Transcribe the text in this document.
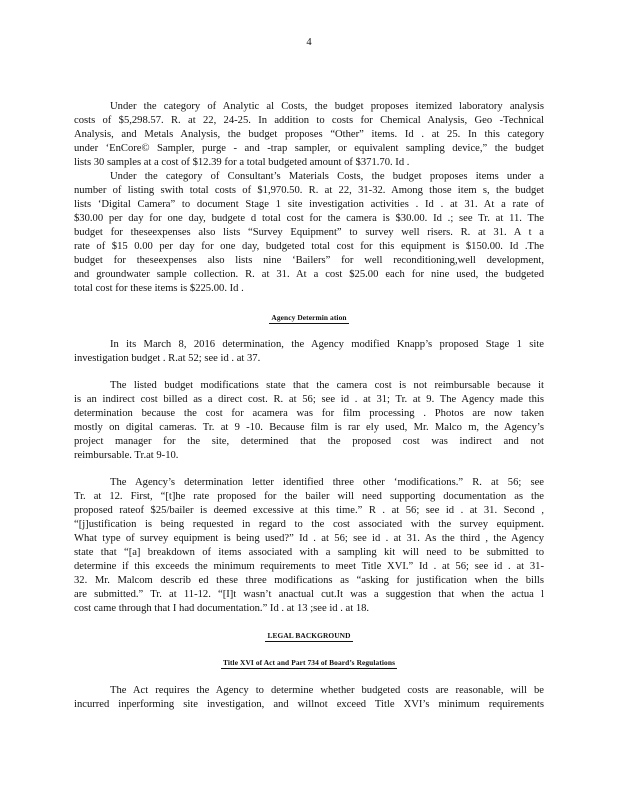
4
Under the category of Analytic al Costs, the budget proposes itemized laboratory analysis
costs of $5,298.57. R. at 22, 24-25. In addition to costs for Chemical Analysis, Geo -Technical
Analysis, and Metals Analysis, the budget proposes “Other” items. Id . at 25. In this category
under ‘EnCore© Sampler, purge - and -trap sampler, or equivalent sampling device,” the budget
lists 30 samples at a cost of $12.39 for a total budgeted amount of $371.70. Id .
Under the category of Consultant’s Materials Costs, the budget proposes items under a
number of listing swith total costs of $1,970.50. R. at 22, 31-32. Among those item s, the budget
lists ‘Digital Camera” to document Stage 1 site investigation activities . Id . at 31. At a rate of
$30.00 per day for one day, budgete d total cost for the camera is $30.00. Id .; see Tr. at 11. The
budget for theseexpenses also lists “Survey Equipment” to survey well risers. R. at 31. A t a
rate of $15 0.00 per day for one day, budgeted total cost for this equipment is $150.00. Id .The
budget for theseexpenses also lists nine ‘Bailers” for well reconditioning,well development,
and groundwater sample collection. R. at 31. At a cost $25.00 each for nine used, the budgeted
total cost for these items is $225.00. Id .
Agency Determin ation
In its March 8, 2016 determination, the Agency modified Knapp’s proposed Stage 1 site
investigation budget . R.at 52; see id . at 37.
The listed budget modifications state that the camera cost is not reimbursable because it
is an indirect cost billed as a direct cost. R. at 56; see id . at 31; Tr. at 9. The Agency made this
determination because the cost for acamera was for film processing . Photos are now taken
mostly on digital cameras. Tr. at 9 -10. Because film is rar ely used, Mr. Malco m, the Agency’s
project manager for the site, determined that the proposed cost was indirect and not
reimbursable. Tr.at 9-10.
The Agency’s determination letter identified three other ‘modifications.” R. at 56; see
Tr. at 12. First, “[t]he rate proposed for the bailer will need supporting documentation as the
proposed rateof $25/bailer is deemed excessive at this time.” R . at 56; see id . at 31. Second ,
“[j]ustification is being requested in regard to the cost associated with the survey equipment.
What type of survey equipment is being used?” Id . at 56; see id . at 31. As the third , the Agency
state that “[a] breakdown of items associated with a sampling kit will need to be submitted to
determine if this exceeds the minimum requirements to meet Title XVI.” Id . at 56; see id . at 31-
32. Mr. Malcom describ ed these three modifications as “asking for justification when the bills
are submitted.” Tr. at 11-12. “[I]t wasn’t anactual cut.It was a suggestion that when the actua l
cost came through that I had documentation.” Id . at 13 ;see id . at 18.
LEGAL BACKGROUND
Title XVI of Act and Part 734 of Board’s Regulations
The Act requires the Agency to determine whether budgeted costs are reasonable, will be
incurred inperforming site investigation, and willnot exceed Title XVI’s minimum requirements
